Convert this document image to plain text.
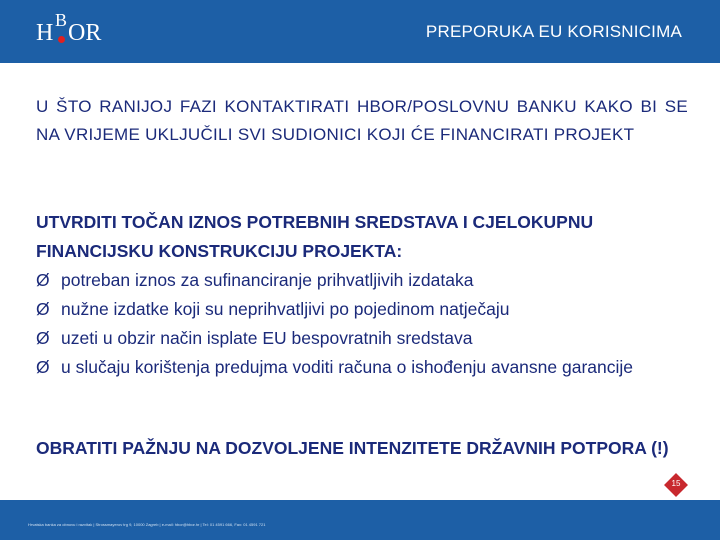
H B OR	PREPORUKA EU KORISNICIMA
U ŠTO RANIJOJ FAZI KONTAKTIRATI HBOR/POSLOVNU BANKU KAKO BI SE NA VRIJEME UKLJUČILI SVI SUDIONICI KOJI ĆE FINANCIRATI PROJEKT
UTVRDITI TOČAN IZNOS POTREBNIH SREDSTAVA I CJELOKUPNU FINANCIJSKU KONSTRUKCIJU PROJEKTA:
Ø potreban iznos za sufinanciranje prihvatljivih izdataka
Ø nužne izdatke koji su neprihvatljivi po pojedinom natječaju
Ø uzeti u obzir način isplate EU bespovratnih sredstava
Ø u slučaju korištenja predujma voditi računa o ishođenju avansne garancije
OBRATITI PAŽNJU NA DOZVOLJENE INTENZITETE DRŽAVNIH POTPORA (!)
Hrvatska banka za obnovu i razvitak | Strossmayerov trg 9, 10000 Zagreb | e-mail: hbor@hbor.hr | Tel: 01 4591 666, Fax: 01 4591 721
15
